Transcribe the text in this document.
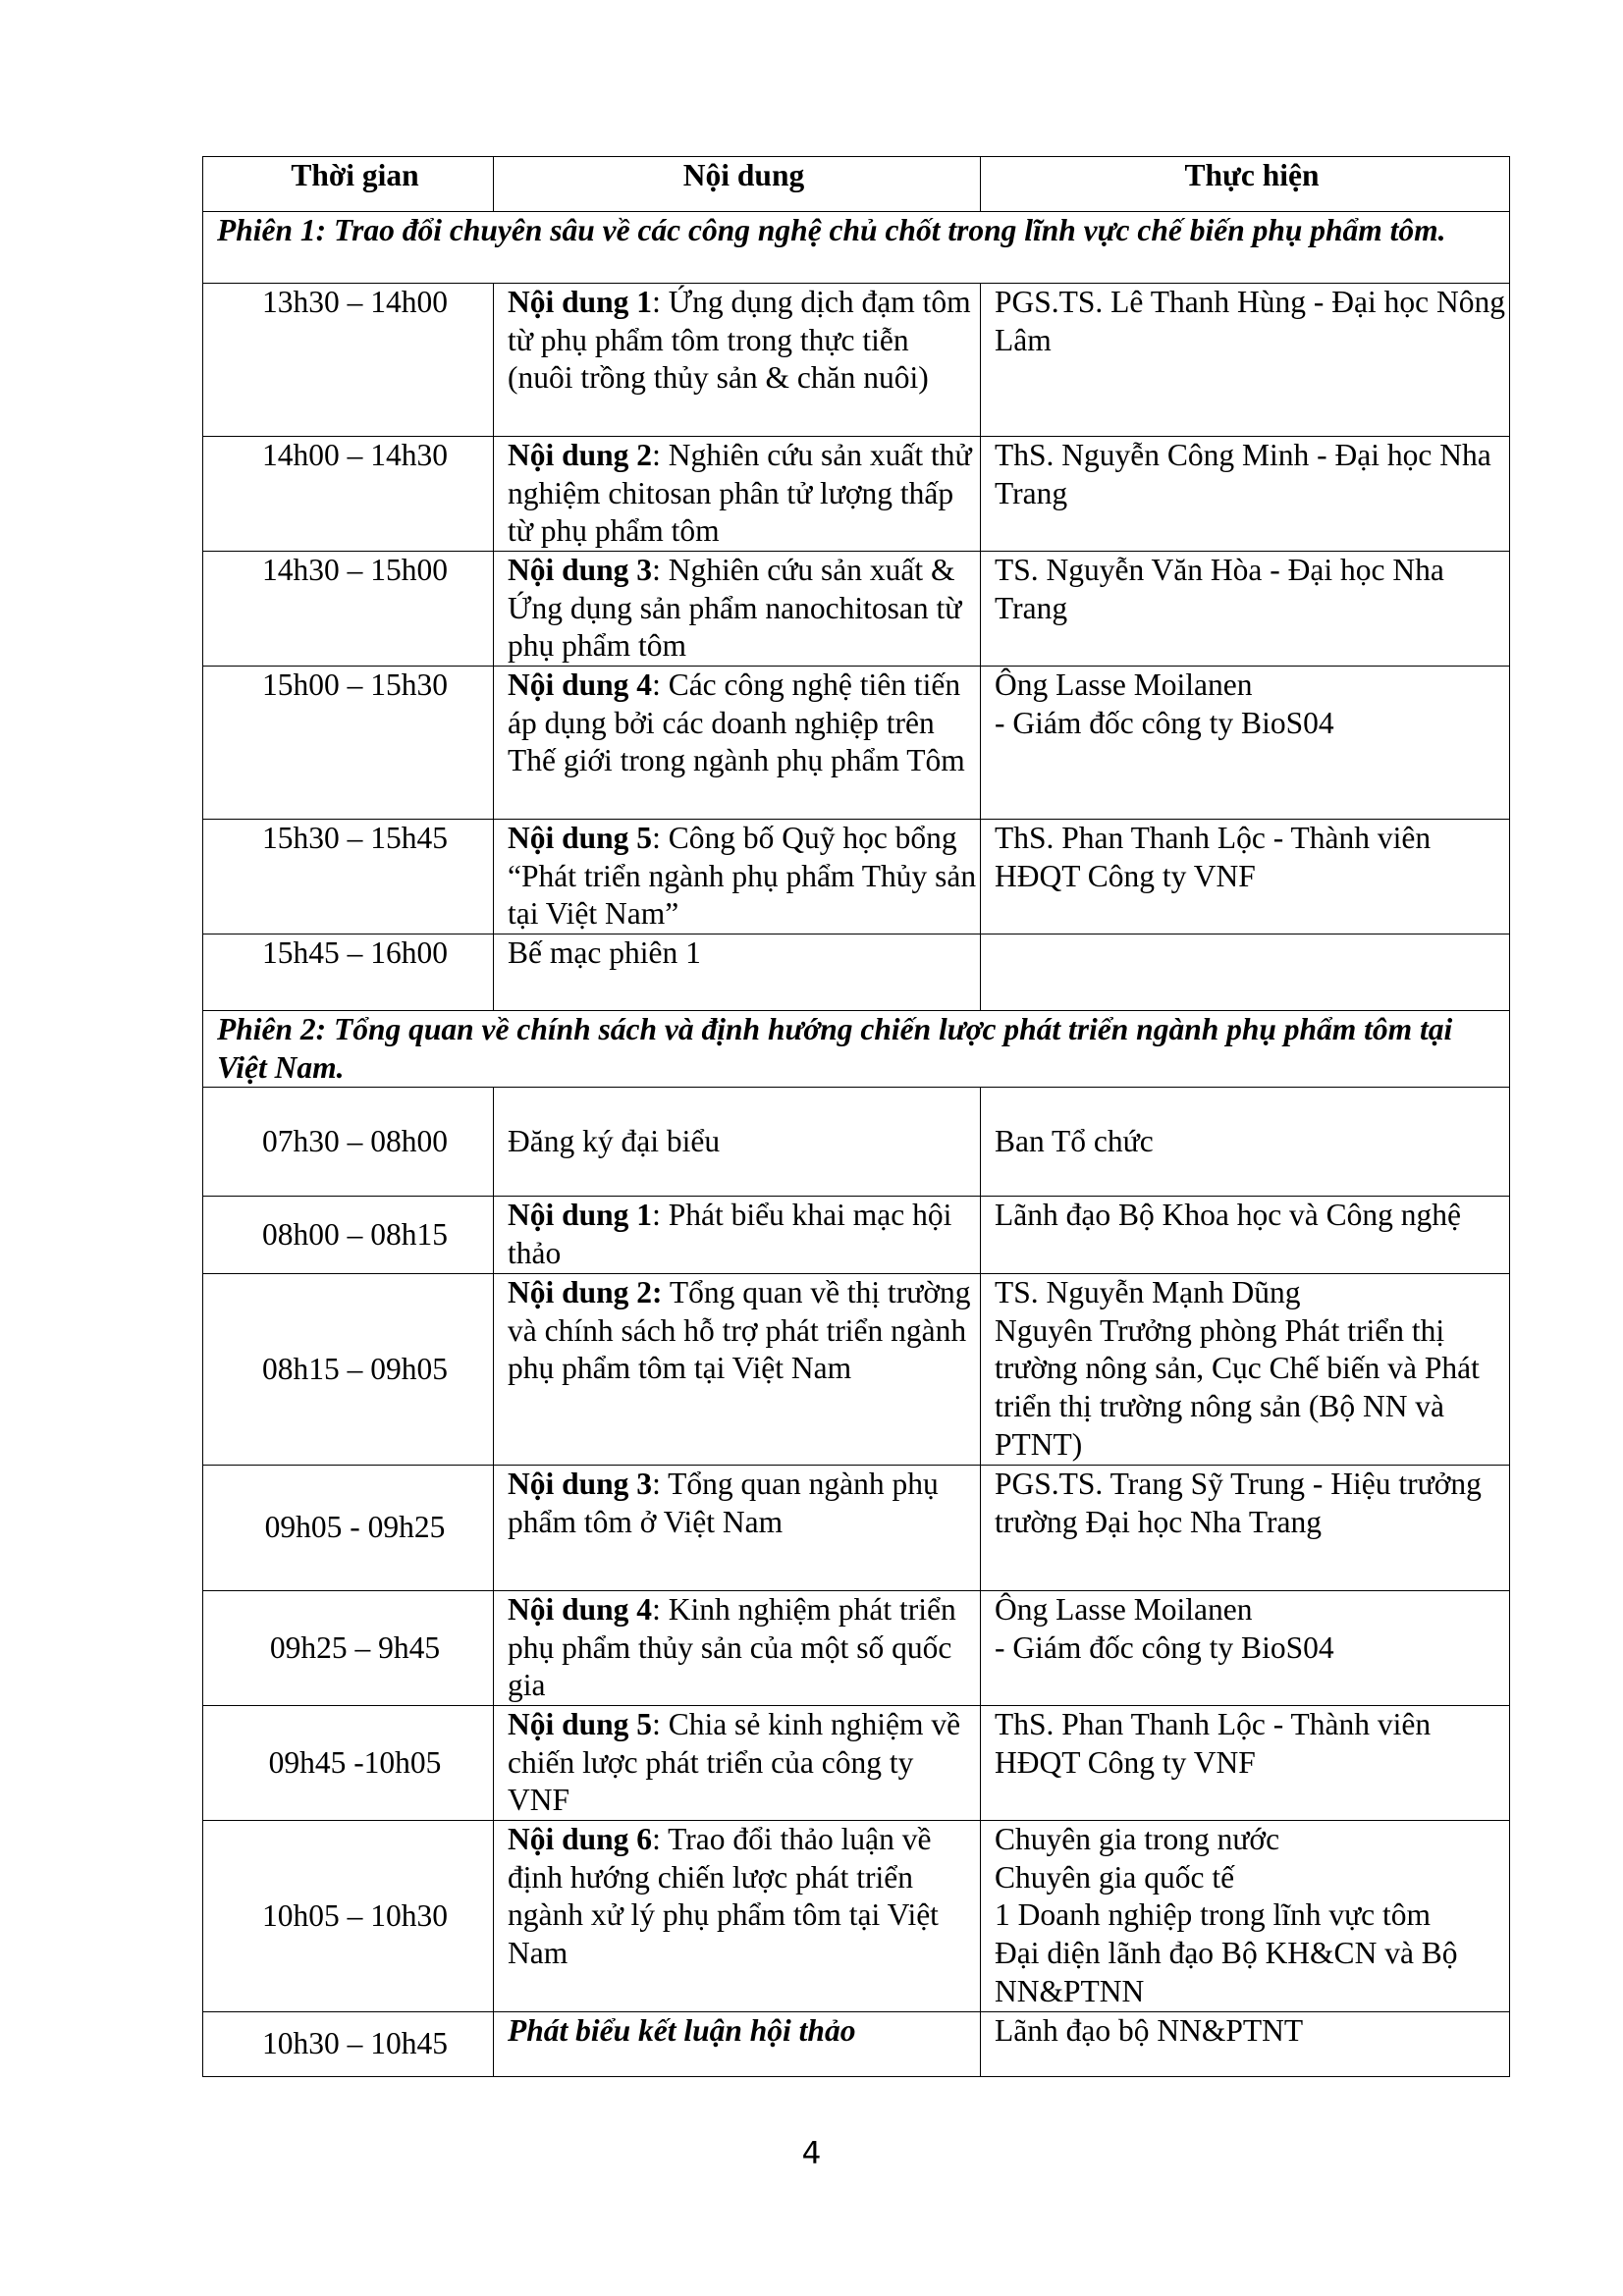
Thời gian	Nội dung	Thực hiện
Phiên 1: Trao đổi chuyên sâu về các công nghệ chủ chốt trong lĩnh vực chế biến phụ phẩm tôm.		
13h30 – 14h00	Nội dung 1: Ứng dụng dịch đạm tôm từ phụ phẩm tôm trong thực tiễn (nuôi trồng thủy sản & chăn nuôi)	PGS.TS. Lê Thanh Hùng - Đại học Nông Lâm

14h00 – 14h30	Nội dung 2: Nghiên cứu sản xuất thử nghiệm chitosan phân tử lượng thấp từ phụ phẩm tôm	ThS. Nguyễn Công Minh - Đại học Nha Trang

14h30 – 15h00	Nội dung 3: Nghiên cứu sản xuất & Ứng dụng sản phẩm nanochitosan từ phụ phẩm tôm	TS. Nguyễn Văn Hòa - Đại học Nha Trang

15h00 – 15h30	Nội dung 4: Các công nghệ tiên tiến áp dụng bởi các doanh nghiệp trên Thế giới trong ngành phụ phẩm Tôm	Ông Lasse Moilanen
- Giám đốc công ty BioS04

15h30 – 15h45	Nội dung 5: Công bố Quỹ học bổng “Phát triển ngành phụ phẩm Thủy sản tại Việt Nam”	ThS. Phan Thanh Lộc - Thành viên HĐQT Công ty VNF

15h45 – 16h00	Bế mạc phiên 1	
Phiên 2: Tổng quan về chính sách và định hướng chiến lược phát triển ngành phụ phẩm tôm tại Việt Nam.		
07h30 – 08h00	Đăng ký đại biểu	Ban Tổ chức
08h00 – 08h15	Nội dung 1: Phát biểu khai mạc hội thảo	Lãnh đạo Bộ Khoa học và Công nghệ

08h15 – 09h05	Nội dung 2: Tổng quan về thị trường và chính sách hỗ trợ phát triển ngành phụ phẩm tôm tại Việt Nam	TS. Nguyễn Mạnh Dũng
Nguyên Trưởng phòng Phát triển thị trường nông sản, Cục Chế biến và Phát triển thị trường nông sản (Bộ NN và PTNT)

09h05 - 09h25	Nội dung 3: Tổng quan ngành phụ phẩm tôm ở Việt Nam	PGS.TS. Trang Sỹ Trung - Hiệu trưởng trường Đại học Nha Trang

09h25 – 9h45	Nội dung 4: Kinh nghiệm phát triển phụ phẩm thủy sản của một số quốc gia	Ông Lasse Moilanen
- Giám đốc công ty BioS04

09h45 -10h05	Nội dung 5: Chia sẻ kinh nghiệm về chiến lược phát triển của công ty VNF	ThS. Phan Thanh Lộc - Thành viên HĐQT Công ty VNF

10h05 – 10h30	Nội dung 6: Trao đổi thảo luận về định hướng chiến lược phát triển ngành xử lý phụ phẩm tôm tại Việt Nam	Chuyên gia trong nước
Chuyên gia quốc tế
1 Doanh nghiệp trong lĩnh vực tôm
Đại diện lãnh đạo Bộ KH&CN và Bộ NN&PTNN

10h30 – 10h45	Phát biểu kết luận hội thảo	Lãnh đạo bộ NN&PTNT
4
